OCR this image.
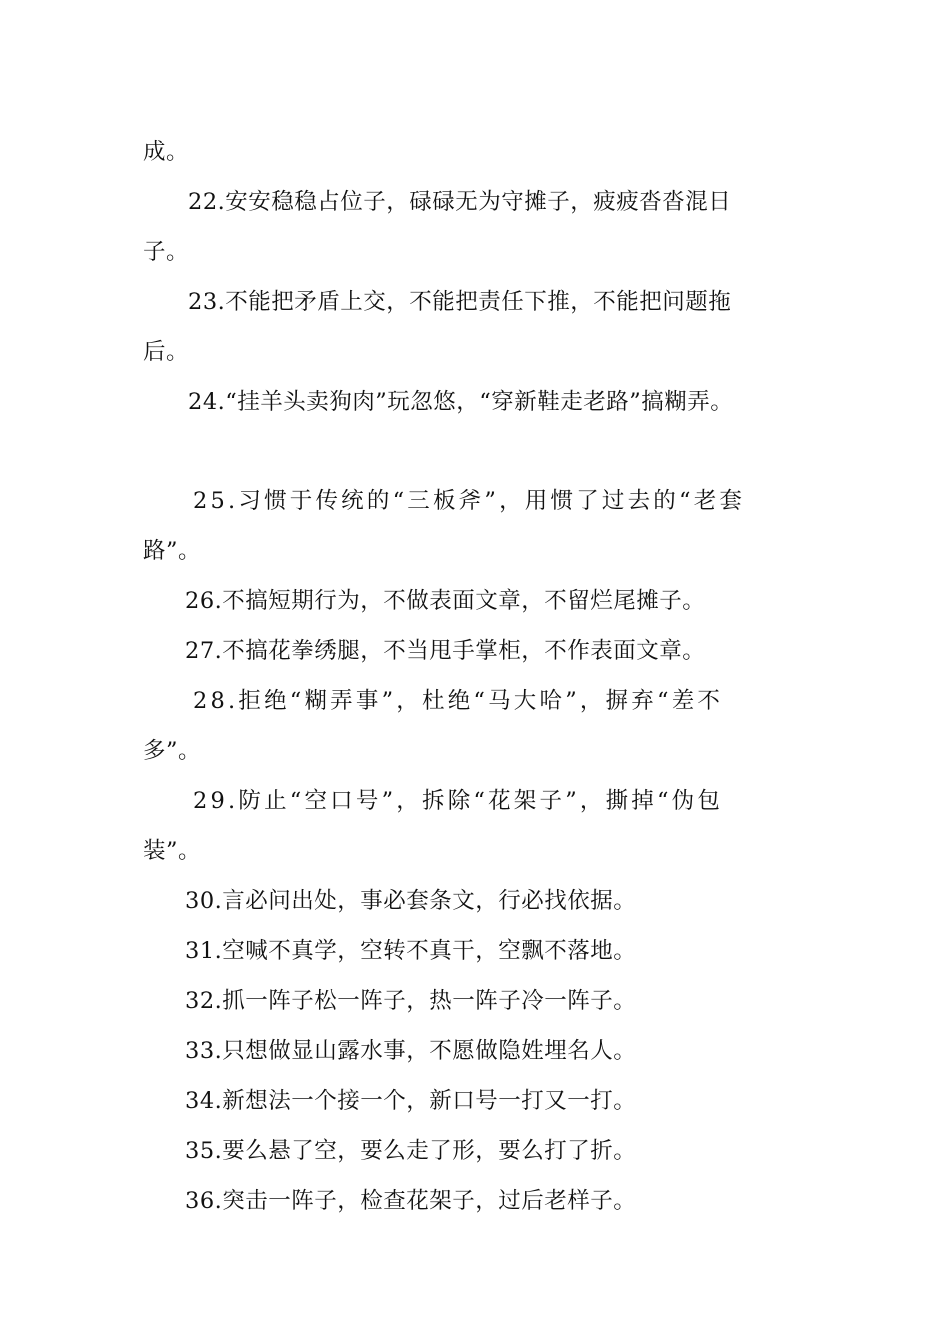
成。
22.安安稳稳占位子，碌碌无为守摊子，疲疲沓沓混日
子。
23.不能把矛盾上交，不能把责任下推，不能把问题拖
后。
24.“挂羊头卖狗肉”玩忽悠，“穿新鞋走老路”搞糊弄。
25.习惯于传统的“三板斧”，用惯了过去的“老套
路”。
26.不搞短期行为，不做表面文章，不留烂尾摊子。
27.不搞花拳绣腿，不当甩手掌柜，不作表面文章。
28.拒绝“糊弄事”，杜绝“马大哈”，摒弃“差不
多”。
29.防止“空口号”，拆除“花架子”，撕掉“伪包
装”。
30.言必问出处，事必套条文，行必找依据。
31.空喊不真学，空转不真干，空飘不落地。
32.抓一阵子松一阵子，热一阵子冷一阵子。
33.只想做显山露水事，不愿做隐姓埋名人。
34.新想法一个接一个，新口号一打又一打。
35.要么悬了空，要么走了形，要么打了折。
36.突击一阵子，检查花架子，过后老样子。
